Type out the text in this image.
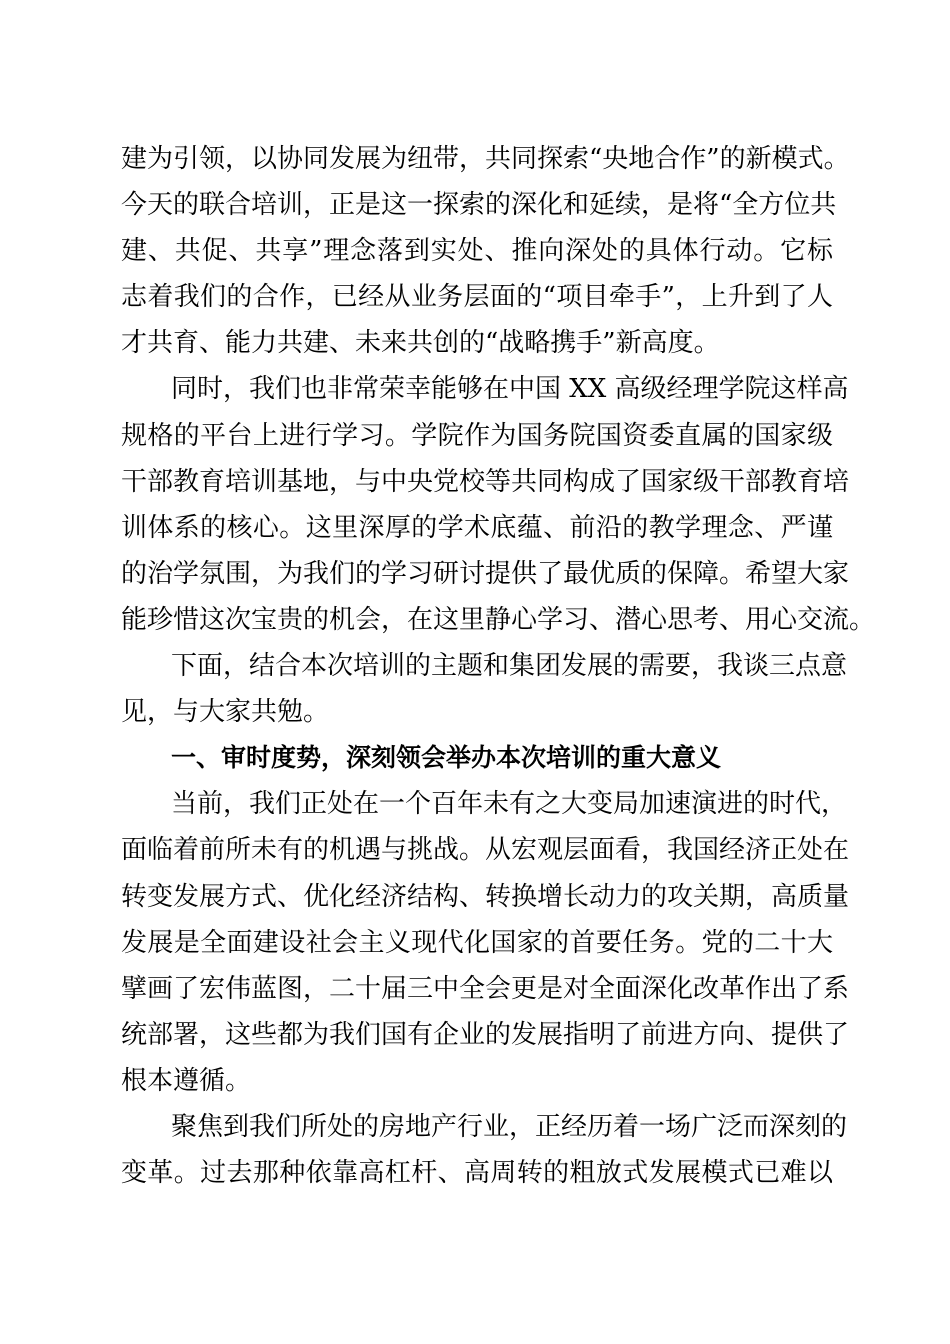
建为引领，以协同发展为纽带，共同探索“央地合作”的新模式。
今天的联合培训，正是这一探索的深化和延续，是将“全方位共
建、共促、共享”理念落到实处、推向深处的具体行动。它标
志着我们的合作，已经从业务层面的“项目牵手”，上升到了人
才共育、能力共建、未来共创的“战略携手”新高度。
同时，我们也非常荣幸能够在中国 XX 高级经理学院这样高
规格的平台上进行学习。学院作为国务院国资委直属的国家级
干部教育培训基地，与中央党校等共同构成了国家级干部教育培
训体系的核心。这里深厚的学术底蕴、前沿的教学理念、严谨
的治学氛围，为我们的学习研讨提供了最优质的保障。希望大家
能珍惜这次宝贵的机会，在这里静心学习、潜心思考、用心交流。
下面，结合本次培训的主题和集团发展的需要，我谈三点意
见，与大家共勉。
一、审时度势，深刻领会举办本次培训的重大意义
当前，我们正处在一个百年未有之大变局加速演进的时代，
面临着前所未有的机遇与挑战。从宏观层面看，我国经济正处在
转变发展方式、优化经济结构、转换增长动力的攻关期，高质量
发展是全面建设社会主义现代化国家的首要任务。党的二十大
擘画了宏伟蓝图，二十届三中全会更是对全面深化改革作出了系
统部署，这些都为我们国有企业的发展指明了前进方向、提供了
根本遵循。
聚焦到我们所处的房地产行业，正经历着一场广泛而深刻的
变革。过去那种依靠高杠杆、高周转的粗放式发展模式已难以
